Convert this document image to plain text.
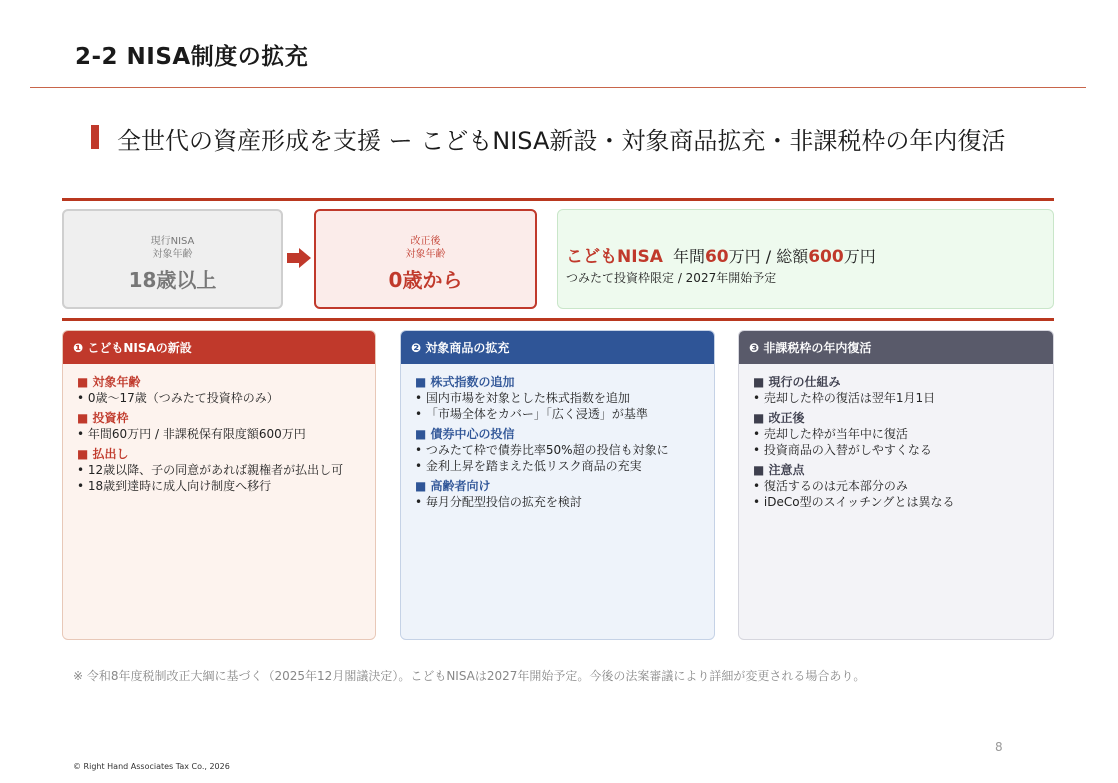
2-2 NISA制度の拡充
全世代の資産形成を支援 ー こどもNISA新設・対象商品拡充・非課税枠の年内復活
現行NISA
対象年齢
18歳以上
改正後
対象年齢
0歳から
こどもNISA 年間60万円 / 総額600万円
つみたて投資枠限定 / 2027年開始予定
❶ こどもNISAの新設
■ 対象年齢
• 0歳～17歳（つみたて投資枠のみ）
■ 投資枠
• 年間60万円 / 非課税保有限度額600万円
■ 払出し
• 12歳以降、子の同意があれば親権者が払出し可
• 18歳到達時に成人向け制度へ移行
❷ 対象商品の拡充
■ 株式指数の追加
• 国内市場を対象とした株式指数を追加
• 「市場全体をカバー」「広く浸透」が基準
■ 債券中心の投信
• つみたて枠で債券比率50%超の投信も対象に
• 金利上昇を踏まえた低リスク商品の充実
■ 高齢者向け
• 毎月分配型投信の拡充を検討
❸ 非課税枠の年内復活
■ 現行の仕組み
• 売却した枠の復活は翌年1月1日
■ 改正後
• 売却した枠が当年中に復活
• 投資商品の入替がしやすくなる
■ 注意点
• 復活するのは元本部分のみ
• iDeCo型のスイッチングとは異なる
※ 令和8年度税制改正大綱に基づく（2025年12月閣議決定）。こどもNISAは2027年開始予定。今後の法案審議により詳細が変更される場合あり。
8
© Right Hand Associates Tax Co., 2026
